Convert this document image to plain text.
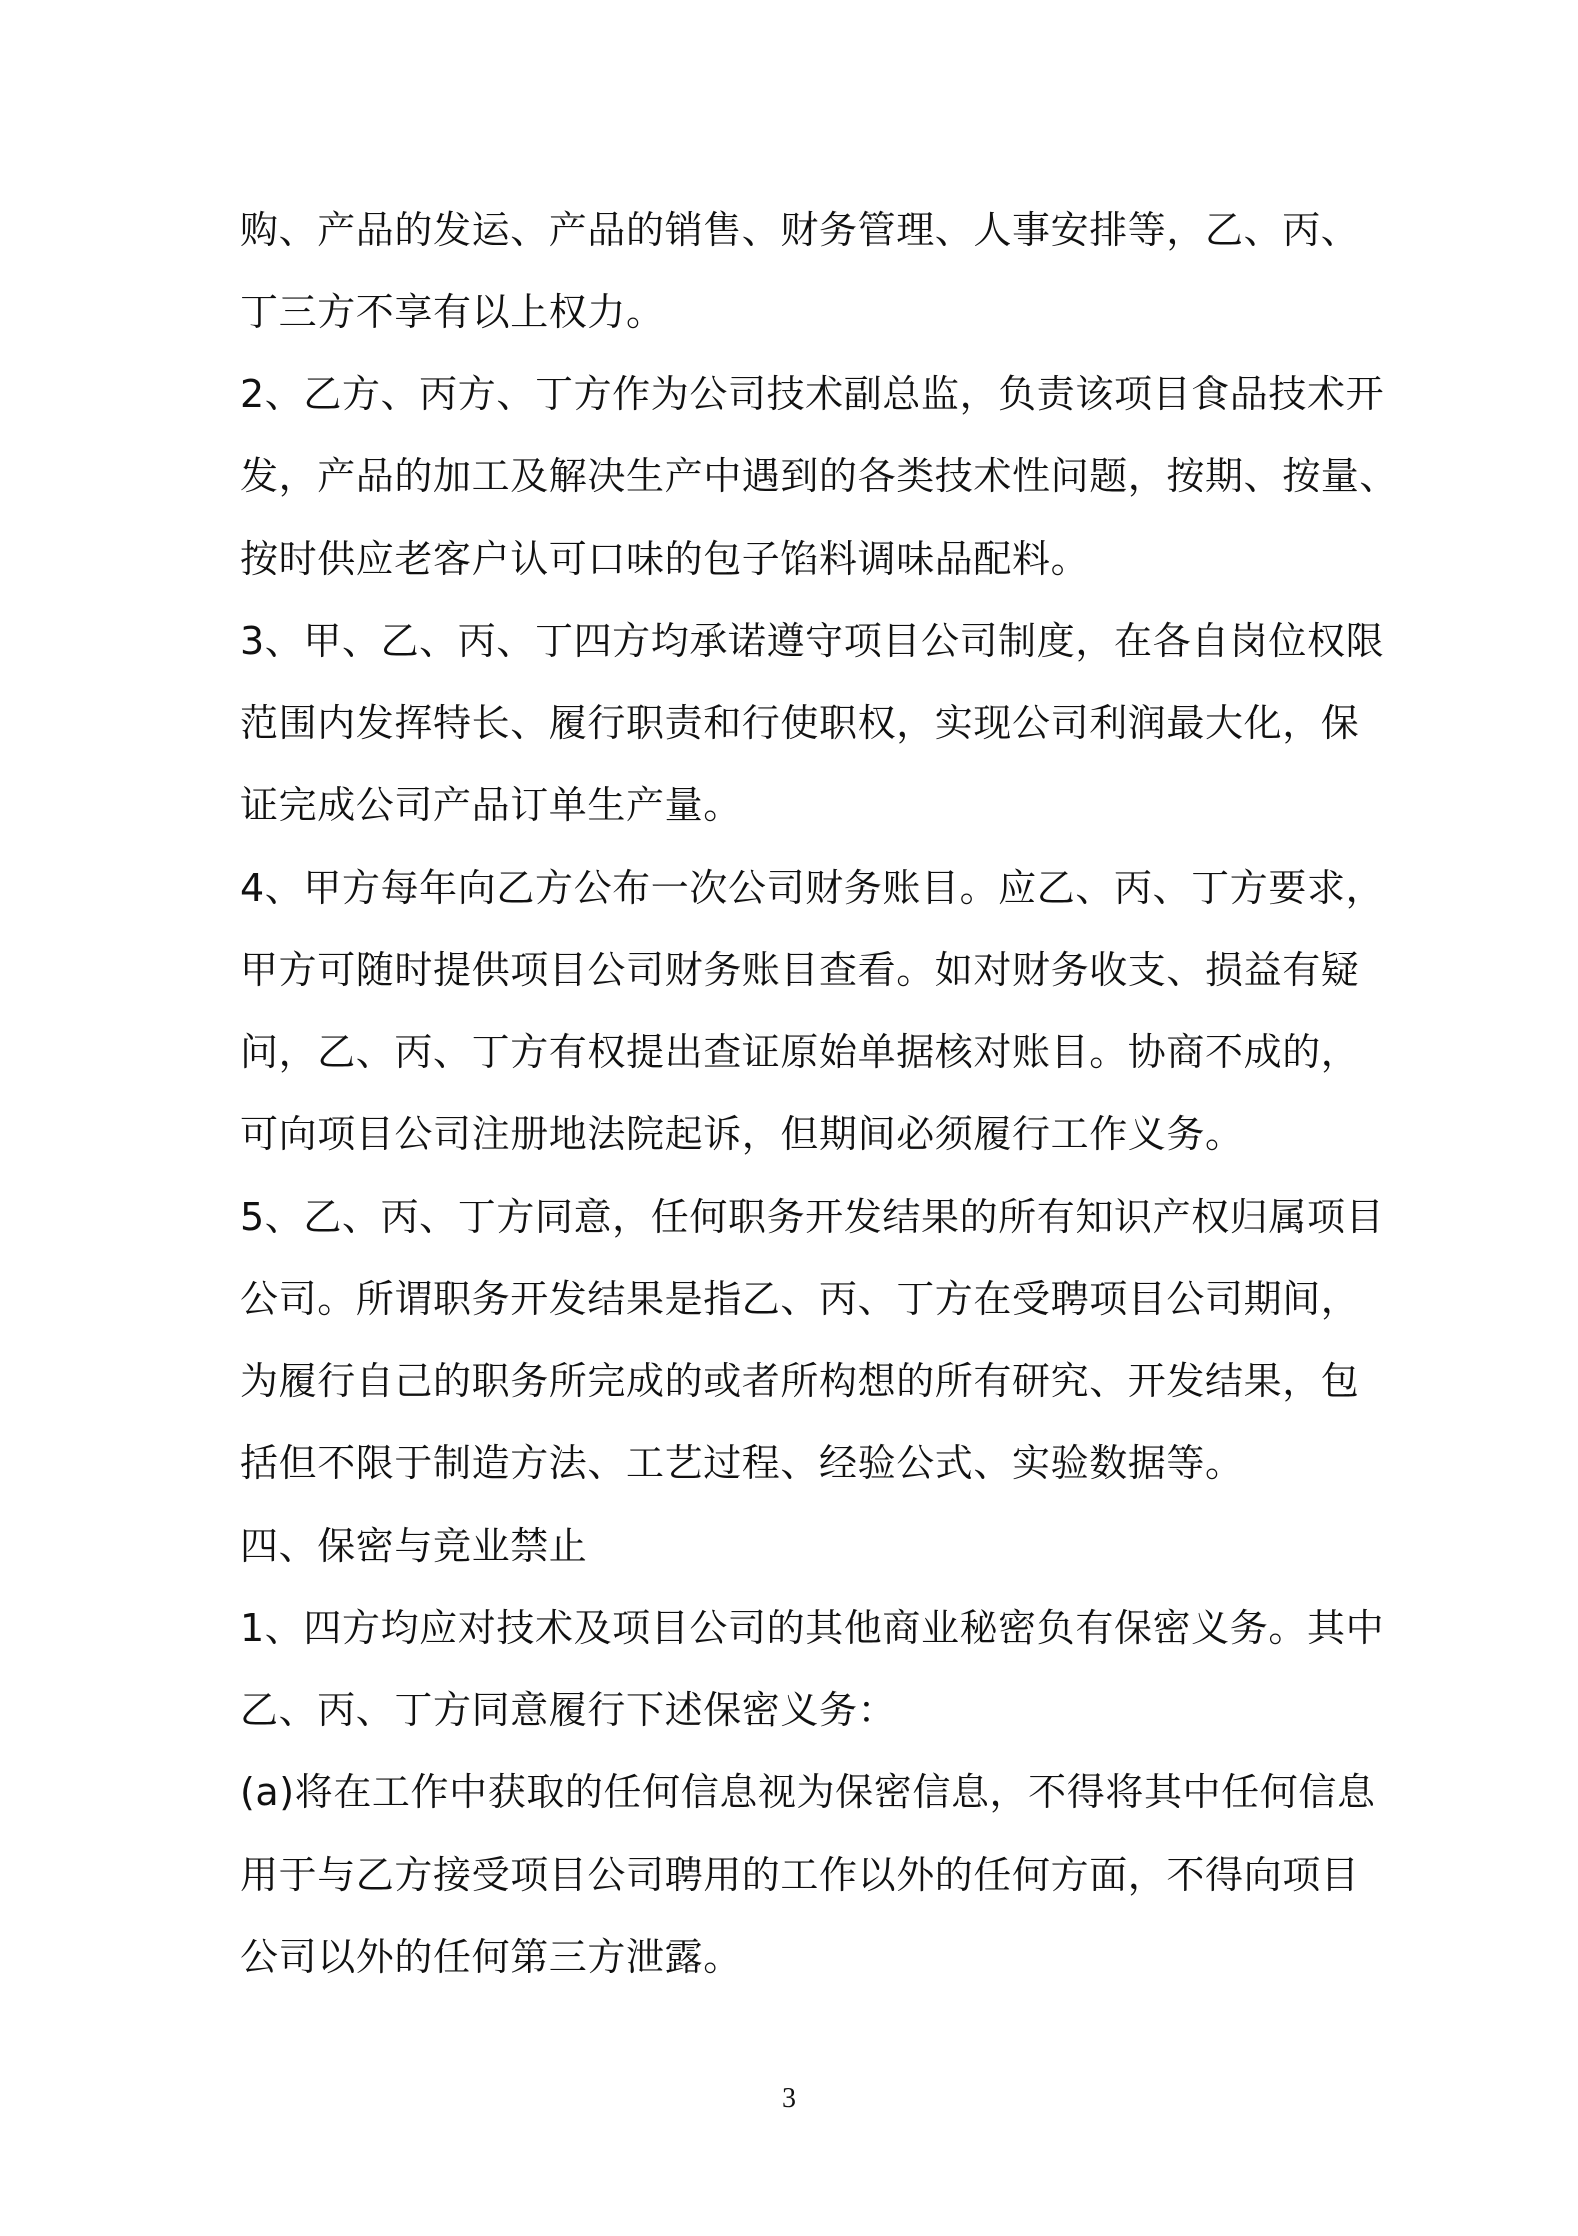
购、产品的发运、产品的销售、财务管理、人事安排等，乙、丙、

丁三方不享有以上权力。

2、乙方、丙方、丁方作为公司技术副总监，负责该项目食品技术开

发，产品的加工及解决生产中遇到的各类技术性问题，按期、按量、

按时供应老客户认可口味的包子馅料调味品配料。

3、甲、乙、丙、丁四方均承诺遵守项目公司制度，在各自岗位权限

范围内发挥特长、履行职责和行使职权，实现公司利润最大化，保

证完成公司产品订单生产量。

4、甲方每年向乙方公布一次公司财务账目。应乙、丙、丁方要求，

甲方可随时提供项目公司财务账目查看。如对财务收支、损益有疑

问，乙、丙、丁方有权提出查证原始单据核对账目。协商不成的，

可向项目公司注册地法院起诉，但期间必须履行工作义务。

5、乙、丙、丁方同意，任何职务开发结果的所有知识产权归属项目

公司。所谓职务开发结果是指乙、丙、丁方在受聘项目公司期间，

为履行自己的职务所完成的或者所构想的所有研究、开发结果，包

括但不限于制造方法、工艺过程、经验公式、实验数据等。

四、保密与竞业禁止

1、四方均应对技术及项目公司的其他商业秘密负有保密义务。其中

乙、丙、丁方同意履行下述保密义务：

(a)将在工作中获取的任何信息视为保密信息，不得将其中任何信息

用于与乙方接受项目公司聘用的工作以外的任何方面，不得向项目

公司以外的任何第三方泄露。

3
